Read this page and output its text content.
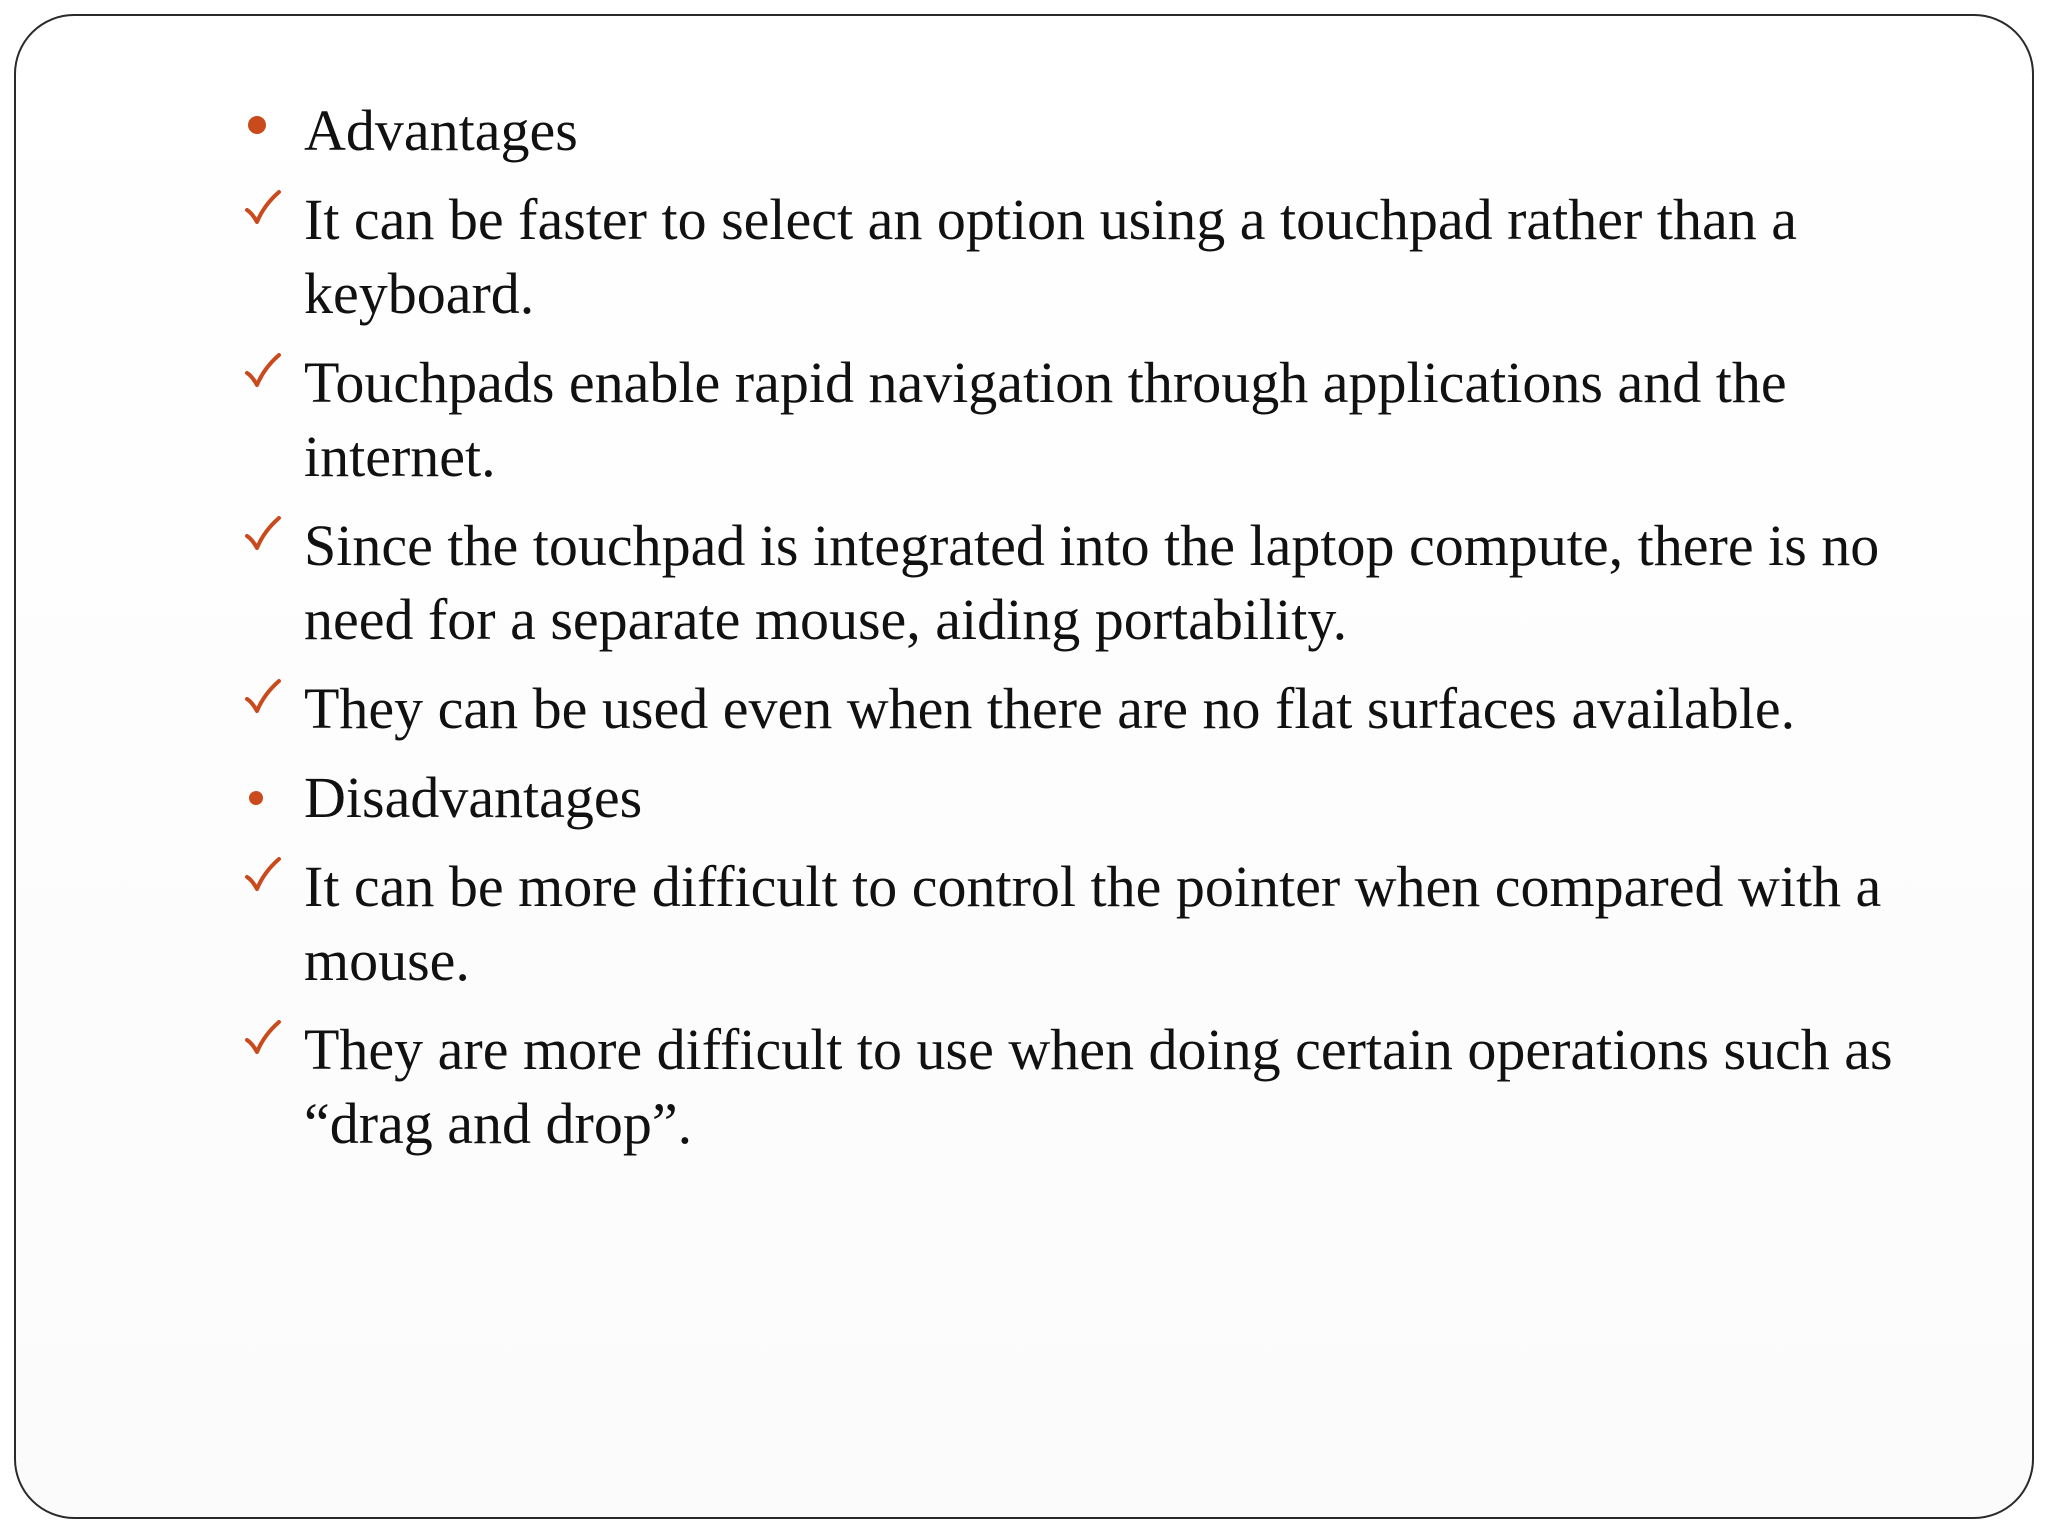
Advantages
It can be faster to select an option using a touchpad rather than a keyboard.
Touchpads enable rapid navigation through applications and the internet.
Since the touchpad is integrated into the laptop compute, there is no need for a separate mouse, aiding portability.
They can be used even when there are no flat surfaces available.
Disadvantages
It can be more difficult to control the pointer when compared with a mouse.
They are more difficult to use when doing certain operations such as “drag and drop”.
